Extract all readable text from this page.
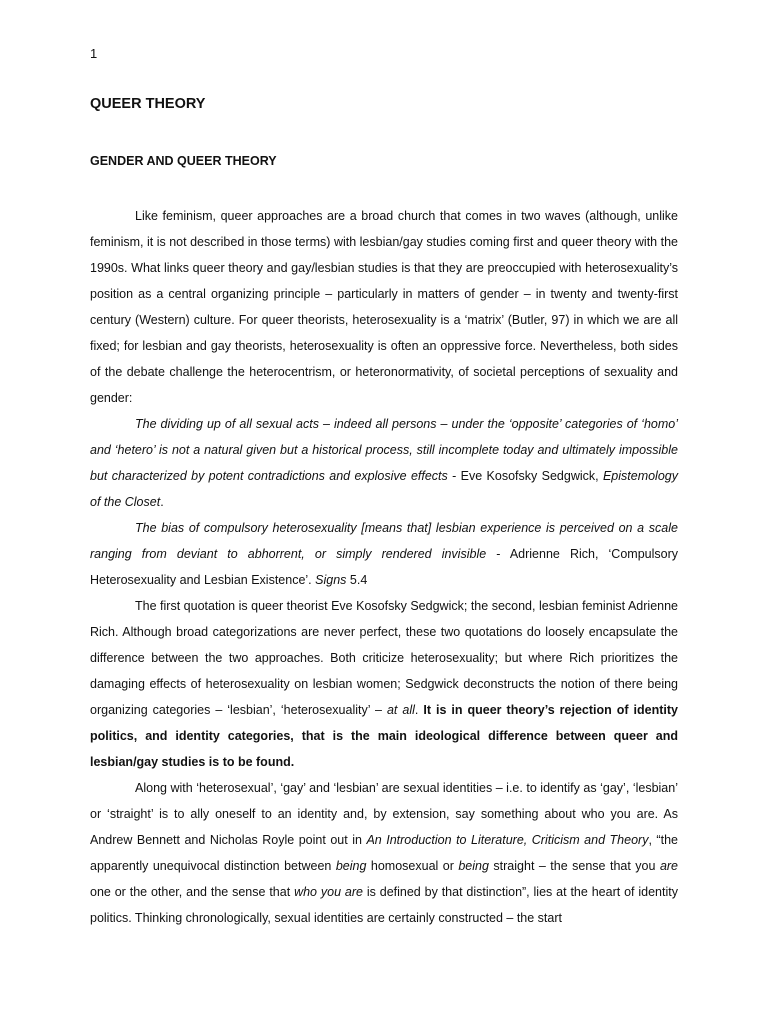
1

QUEER THEORY
GENDER AND QUEER THEORY

Like feminism, queer approaches are a broad church that comes in two waves (although, unlike feminism, it is not described in those terms) with lesbian/gay studies coming first and queer theory with the 1990s. What links queer theory and gay/lesbian studies is that they are preoccupied with heterosexuality’s position as a central organizing principle – particularly in matters of gender – in twenty and twenty-first century (Western) culture. For queer theorists, heterosexuality is a ‘matrix’ (Butler, 97) in which we are all fixed; for lesbian and gay theorists, heterosexuality is often an oppressive force. Nevertheless, both sides of the debate challenge the heterocentrism, or heteronormativity, of societal perceptions of sexuality and gender:

The dividing up of all sexual acts – indeed all persons – under the ‘opposite’ categories of ‘homo’ and ‘hetero’ is not a natural given but a historical process, still incomplete today and ultimately impossible but characterized by potent contradictions and explosive effects - Eve Kosofsky Sedgwick, Epistemology of the Closet.

The bias of compulsory heterosexuality [means that] lesbian experience is perceived on a scale ranging from deviant to abhorrent, or simply rendered invisible - Adrienne Rich, ‘Compulsory Heterosexuality and Lesbian Existence’. Signs 5.4

The first quotation is queer theorist Eve Kosofsky Sedgwick; the second, lesbian feminist Adrienne Rich. Although broad categorizations are never perfect, these two quotations do loosely encapsulate the difference between the two approaches. Both criticize heterosexuality; but where Rich prioritizes the damaging effects of heterosexuality on lesbian women; Sedgwick deconstructs the notion of there being organizing categories – ‘lesbian’, ‘heterosexuality’ – at all. It is in queer theory’s rejection of identity politics, and identity categories, that is the main ideological difference between queer and lesbian/gay studies is to be found.

Along with ‘heterosexual’, ‘gay’ and ‘lesbian’ are sexual identities – i.e. to identify as ‘gay’, ‘lesbian’ or ‘straight’ is to ally oneself to an identity and, by extension, say something about who you are. As Andrew Bennett and Nicholas Royle point out in An Introduction to Literature, Criticism and Theory, “the apparently unequivocal distinction between being homosexual or being straight – the sense that you are one or the other, and the sense that who you are is defined by that distinction”, lies at the heart of identity politics. Thinking chronologically, sexual identities are certainly constructed – the start
